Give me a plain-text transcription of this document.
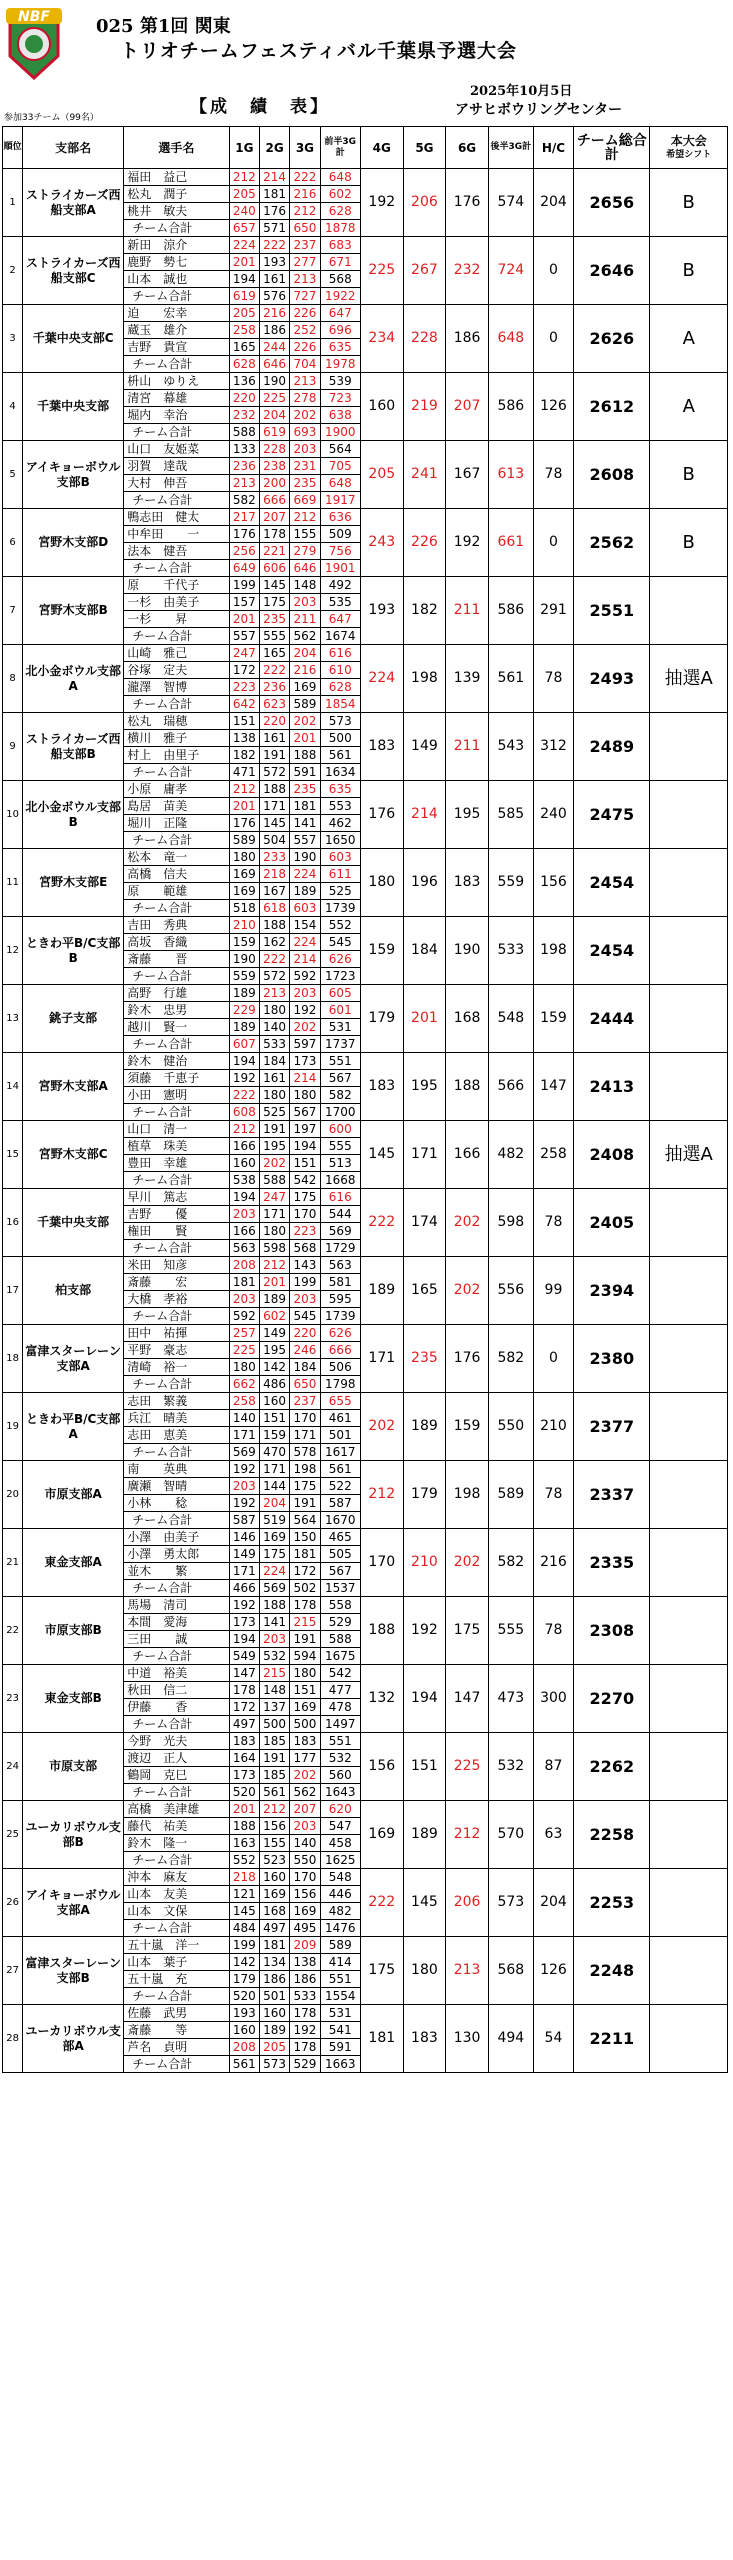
NBF	025 第1回 関東
トリオチームフェスティバル千葉県予選大会
【成　績　表】
2025年10月5日
アサヒボウリングセンター
参加33チーム（99名）
順位	支部名	選手名	1G	2G	3G	前半3G計	4G	5G	6G	後半3G計	H/C	チーム総合計	本大会
希望シフト

1	ストライカーズ西船支部A	福田　益己	212	214	222	648	192	206	176	574	204	2656	B
		松丸　潤子	205	181	216	602							
		桃井　敏夫	240	176	212	628							
		チーム合計	657	571	650	1878							
2	ストライカーズ西船支部C	新田　涼介	224	222	237	683	225	267	232	724	0	2646	B
		鹿野　勢七	201	193	277	671							
		山本　誠也	194	161	213	568							
		チーム合計	619	576	727	1922							
3	千葉中央支部C	迫　　宏幸	205	216	226	647	234	228	186	648	0	2626	A
		蔵玉　雄介	258	186	252	696							
		吉野　貴宣	165	244	226	635							
		チーム合計	628	646	704	1978							
4	千葉中央支部	枡山　ゆりえ	136	190	213	539	160	219	207	586	126	2612	A
		清宮　幕雄	220	225	278	723							
		堀内　幸治	232	204	202	638							
		チーム合計	588	619	693	1900							
5	アイキョーボウル支部B	山口　友姫菜	133	228	203	564	205	241	167	613	78	2608	B
		羽賀　達哉	236	238	231	705							
		大村　伸吾	213	200	235	648							
		チーム合計	582	666	669	1917							
6	宮野木支部D	鴨志田　健太	217	207	212	636	243	226	192	661	0	2562	B
		中牟田　　一	176	178	155	509							
		法本　健吾	256	221	279	756							
		チーム合計	649	606	646	1901							
7	宮野木支部B	原　　千代子	199	145	148	492	193	182	211	586	291	2551	
		一杉　由美子	157	175	203	535							
		一杉　　昇	201	235	211	647							
		チーム合計	557	555	562	1674							
8	北小金ボウル支部A	山崎　雅己	247	165	204	616	224	198	139	561	78	2493	抽選A
		谷塚　定夫	172	222	216	610							
		瀧澤　智博	223	236	169	628							
		チーム合計	642	623	589	1854							
9	ストライカーズ西船支部B	松丸　瑞穂	151	220	202	573	183	149	211	543	312	2489	
		横川　雅子	138	161	201	500							
		村上　由里子	182	191	188	561							
		チーム合計	471	572	591	1634							
10	北小金ボウル支部B	小原　庸孝	212	188	235	635	176	214	195	585	240	2475	
		島居　苗美	201	171	181	553							
		堀川　正隆	176	145	141	462							
		チーム合計	589	504	557	1650							
11	宮野木支部E	松本　竜一	180	233	190	603	180	196	183	559	156	2454	
		高橋　信夫	169	218	224	611							
		原　　範雄	169	167	189	525							
		チーム合計	518	618	603	1739							
12	ときわ平B/C支部B	吉田　秀典	210	188	154	552	159	184	190	533	198	2454	
		高坂　香織	159	162	224	545							
		斎藤　　晋	190	222	214	626							
		チーム合計	559	572	592	1723							
13	銚子支部	高野　行雄	189	213	203	605	179	201	168	548	159	2444	
		鈴木　忠男	229	180	192	601							
		越川　賢一	189	140	202	531							
		チーム合計	607	533	597	1737							
14	宮野木支部A	鈴木　健治	194	184	173	551	183	195	188	566	147	2413	
		須藤　千恵子	192	161	214	567							
		小田　憲明	222	180	180	582							
		チーム合計	608	525	567	1700							
15	宮野木支部C	山口　清一	212	191	197	600	145	171	166	482	258	2408	抽選A
		植草　珠美	166	195	194	555							
		豊田　幸雄	160	202	151	513							
		チーム合計	538	588	542	1668							
16	千葉中央支部	早川　篤志	194	247	175	616	222	174	202	598	78	2405	
		吉野　　優	203	171	170	544							
		権田　　賢	166	180	223	569							
		チーム合計	563	598	568	1729							
17	柏支部	米田　知彦	208	212	143	563	189	165	202	556	99	2394	
		斎藤　　宏	181	201	199	581							
		大橋　孝裕	203	189	203	595							
		チーム合計	592	602	545	1739							
18	富津スターレーン支部A	田中　祐揮	257	149	220	626	171	235	176	582	0	2380	
		平野　豪志	225	195	246	666							
		清崎　裕一	180	142	184	506							
		チーム合計	662	486	650	1798							
19	ときわ平B/C支部A	志田　繁義	258	160	237	655	202	189	159	550	210	2377	
		兵江　晴美	140	151	170	461							
		志田　恵美	171	159	171	501							
		チーム合計	569	470	578	1617							
20	市原支部A	南　　英典	192	171	198	561	212	179	198	589	78	2337	
		廣瀬　智晴	203	144	175	522							
		小林　　稔	192	204	191	587							
		チーム合計	587	519	564	1670							
21	東金支部A	小澤　由美子	146	169	150	465	170	210	202	582	216	2335	
		小澤　勇太郎	149	175	181	505							
		並木　　繁	171	224	172	567							
		チーム合計	466	569	502	1537							
22	市原支部B	馬場　清司	192	188	178	558	188	192	175	555	78	2308	
		本間　愛海	173	141	215	529							
		三田　　誠	194	203	191	588							
		チーム合計	549	532	594	1675							
23	東金支部B	中道　裕美	147	215	180	542	132	194	147	473	300	2270	
		秋田　信二	178	148	151	477							
		伊藤　　香	172	137	169	478							
		チーム合計	497	500	500	1497							
24	市原支部	今野　光夫	183	185	183	551	156	151	225	532	87	2262	
		渡辺　正人	164	191	177	532							
		鶴岡　克巳	173	185	202	560							
		チーム合計	520	561	562	1643							
25	ユーカリボウル支部B	高橋　美津雄	201	212	207	620	169	189	212	570	63	2258	
		藤代　祐美	188	156	203	547							
		鈴木　隆一	163	155	140	458							
		チーム合計	552	523	550	1625							
26	アイキョーボウル支部A	沖本　麻友	218	160	170	548	222	145	206	573	204	2253	
		山本　友美	121	169	156	446							
		山本　文保	145	168	169	482							
		チーム合計	484	497	495	1476							
27	富津スターレーン支部B	五十嵐　洋一	199	181	209	589	175	180	213	568	126	2248	
		山本　葉子	142	134	138	414							
		五十嵐　充	179	186	186	551							
		チーム合計	520	501	533	1554							
28	ユーカリボウル支部A	佐藤　武男	193	160	178	531	181	183	130	494	54	2211	
		斎藤　　等	160	189	192	541							
		芦名　貞明	208	205	178	591							
		チーム合計	561	573	529	1663							
